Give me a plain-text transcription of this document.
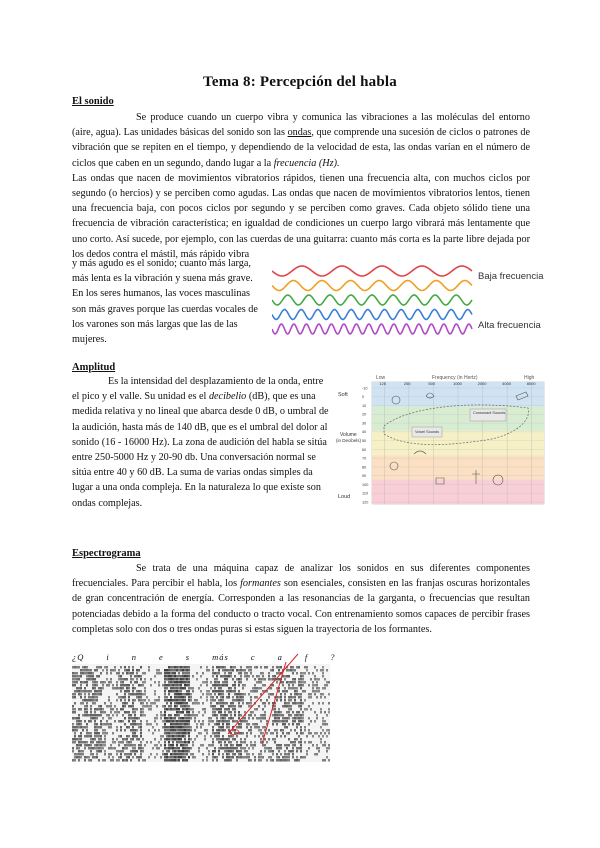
Tema 8: Percepción del habla
El sonido

Se produce cuando un cuerpo vibra y comunica las vibraciones a las moléculas del entorno (aire, agua). Las unidades básicas del sonido son las ondas, que comprende una sucesión de ciclos o patrones de vibración que se repiten en el tiempo, y dependiendo de la velocidad de esta, las ondas varían en el número de ciclos que caben en un segundo, dando lugar a la frecuencia (Hz).

Las ondas que nacen de movimientos vibratorios rápidos, tienen una frecuencia alta, con muchos ciclos por segundo (o hercios) y se perciben como agudas. Las ondas que nacen de movimientos vibratorios lentos, tienen una frecuencia baja, con pocos ciclos por segundo y se perciben como graves. Cada objeto sólido tiene una frecuencia de vibración característica; en igualdad de condiciones un cuerpo largo vibrará más lentamente que uno corto. Así sucede, por ejemplo, con las cuerdas de una guitarra: cuanto más corta es la parte libre dejada por los dedos contra el mástil, más rápido vibra

y más agudo es el sonido; cuanto más larga, más lenta es la vibración y suena más grave. En los seres humanos, las voces masculinas son más graves porque las cuerdas vocales de los varones son más largas que las de las mujeres.
Baja frecuencia
Alta frecuencia
Amplitud

Es la intensidad del desplazamiento de la onda, entre el pico y el valle. Su unidad es el decibelio (dB), que es una medida relativa y no lineal que abarca desde 0 dB, o umbral de la audición, hasta más de 140 dB, que es el umbral del dolor al sonido (16 - 16000 Hz). La zona de audición del habla se sitúa entre 250-5000 Hz y 20-90 db. Una conversación normal se sitúa entre 40 y 60 dB. La suma de varias ondas simples da lugar a una onda compleja. En la naturaleza lo que existe son ondas complejas.

Low	Frequency (in Hertz)	High
125	250	500	1000	2000	4000	8000
-10
0
10
20
30
40
50
60
70
80
90
100
110
120
Soft
Loud
Volume
(in Decibels)
Consonant Sounds
Vowel Sounds
Espectrograma

Se trata de una máquina capaz de analizar los sonidos en sus diferentes componentes frecuenciales. Para percibir el habla, los formantes son esenciales, consisten en las franjas oscuras horizontales de gran concentración de energía. Corresponden a las resonancias de la garganta, o frecuencias que resultan potenciadas debido a la forma del conducto o tracto vocal. Con entrenamiento somos capaces de percibir frases completas solo con dos o tres ondas puras si estas siguen la trayectoria de los formantes.

¿Q	i	n	e	s	más	c	a	f	?
